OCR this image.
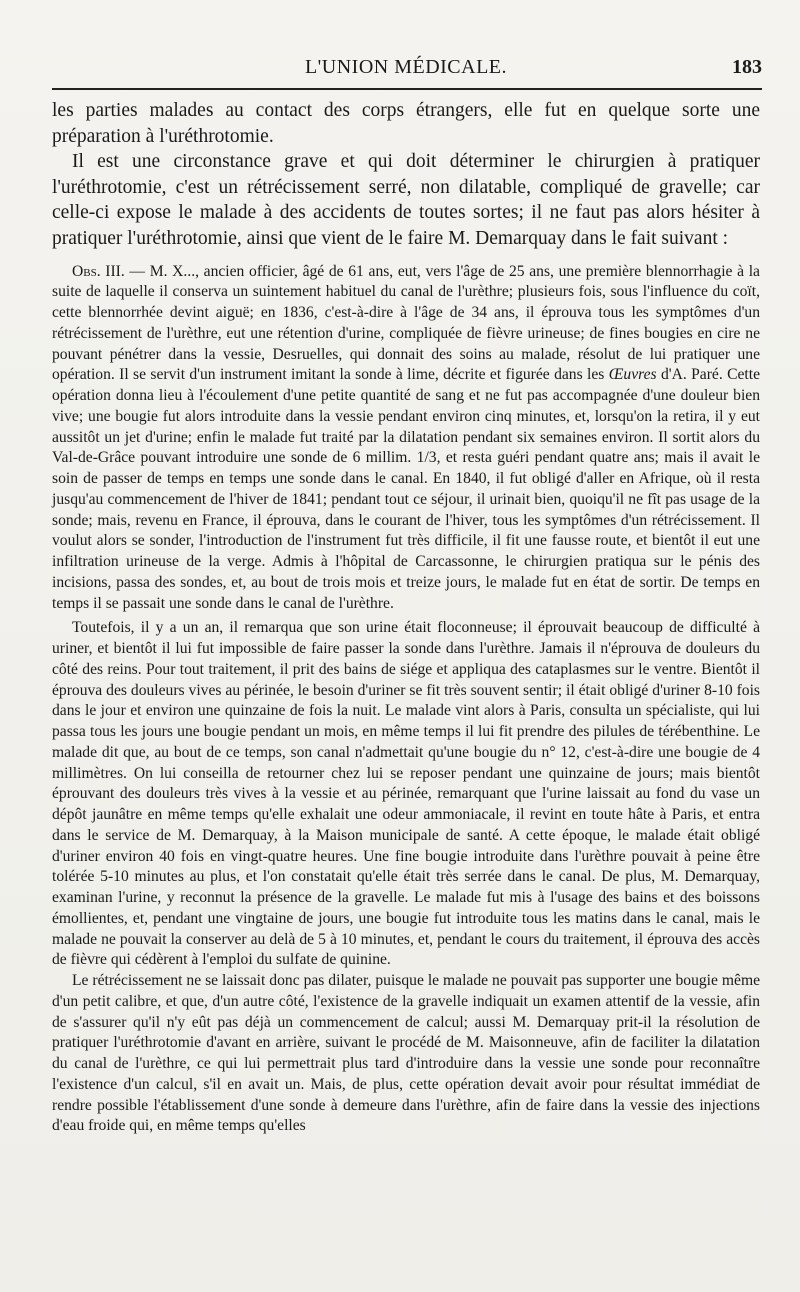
L'UNION MÉDICALE.	183

les parties malades au contact des corps étrangers, elle fut en quelque sorte une préparation à l'uréthrotomie.

Il est une circonstance grave et qui doit déterminer le chirurgien à pratiquer l'uréthrotomie, c'est un rétrécissement serré, non dilatable, compliqué de gravelle; car celle-ci expose le malade à des accidents de toutes sortes; il ne faut pas alors hésiter à pratiquer l'uréthrotomie, ainsi que vient de le faire M. Demarquay dans le fait suivant :

Obs. III. — M. X..., ancien officier, âgé de 61 ans, eut, vers l'âge de 25 ans, une première blennorrhagie à la suite de laquelle il conserva un suintement habituel du canal de l'urèthre; plusieurs fois, sous l'influence du coït, cette blennorrhée devint aiguë; en 1836, c'est-à-dire à l'âge de 34 ans, il éprouva tous les symptômes d'un rétrécissement de l'urèthre, eut une rétention d'urine, compliquée de fièvre urineuse; de fines bougies en cire ne pouvant pénétrer dans la vessie, Desruelles, qui donnait des soins au malade, résolut de lui pratiquer une opération. Il se servit d'un instrument imitant la sonde à lime, décrite et figurée dans les Œuvres d'A. Paré. Cette opération donna lieu à l'écoulement d'une petite quantité de sang et ne fut pas accompagnée d'une douleur bien vive; une bougie fut alors introduite dans la vessie pendant environ cinq minutes, et, lorsqu'on la retira, il y eut aussitôt un jet d'urine; enfin le malade fut traité par la dilatation pendant six semaines environ. Il sortit alors du Val-de-Grâce pouvant introduire une sonde de 6 millim. 1/3, et resta guéri pendant quatre ans; mais il avait le soin de passer de temps en temps une sonde dans le canal. En 1840, il fut obligé d'aller en Afrique, où il resta jusqu'au commencement de l'hiver de 1841; pendant tout ce séjour, il urinait bien, quoiqu'il ne fît pas usage de la sonde; mais, revenu en France, il éprouva, dans le courant de l'hiver, tous les symptômes d'un rétrécissement. Il voulut alors se sonder, l'introduction de l'instrument fut très difficile, il fit une fausse route, et bientôt il eut une infiltration urineuse de la verge. Admis à l'hôpital de Carcassonne, le chirurgien pratiqua sur le pénis des incisions, passa des sondes, et, au bout de trois mois et treize jours, le malade fut en état de sortir. De temps en temps il se passait une sonde dans le canal de l'urèthre.

Toutefois, il y a un an, il remarqua que son urine était floconneuse; il éprouvait beaucoup de difficulté à uriner, et bientôt il lui fut impossible de faire passer la sonde dans l'urèthre. Jamais il n'éprouva de douleurs du côté des reins. Pour tout traitement, il prit des bains de siége et appliqua des cataplasmes sur le ventre. Bientôt il éprouva des douleurs vives au périnée, le besoin d'uriner se fit très souvent sentir; il était obligé d'uriner 8-10 fois dans le jour et environ une quinzaine de fois la nuit. Le malade vint alors à Paris, consulta un spécialiste, qui lui passa tous les jours une bougie pendant un mois, en même temps il lui fit prendre des pilules de térébenthine. Le malade dit que, au bout de ce temps, son canal n'admettait qu'une bougie du n° 12, c'est-à-dire une bougie de 4 millimètres. On lui conseilla de retourner chez lui se reposer pendant une quinzaine de jours; mais bientôt éprouvant des douleurs très vives à la vessie et au périnée, remarquant que l'urine laissait au fond du vase un dépôt jaunâtre en même temps qu'elle exhalait une odeur ammoniacale, il revint en toute hâte à Paris, et entra dans le service de M. Demarquay, à la Maison municipale de santé. A cette époque, le malade était obligé d'uriner environ 40 fois en vingt-quatre heures. Une fine bougie introduite dans l'urèthre pouvait à peine être tolérée 5-10 minutes au plus, et l'on constatait qu'elle était très serrée dans le canal. De plus, M. Demarquay, examinan l'urine, y reconnut la présence de la gravelle. Le malade fut mis à l'usage des bains et des boissons émollientes, et, pendant une vingtaine de jours, une bougie fut introduite tous les matins dans le canal, mais le malade ne pouvait la conserver au delà de 5 à 10 minutes, et, pendant le cours du traitement, il éprouva des accès de fièvre qui cédèrent à l'emploi du sulfate de quinine.

Le rétrécissement ne se laissait donc pas dilater, puisque le malade ne pouvait pas supporter une bougie même d'un petit calibre, et que, d'un autre côté, l'existence de la gravelle indiquait un examen attentif de la vessie, afin de s'assurer qu'il n'y eût pas déjà un commencement de calcul; aussi M. Demarquay prit-il la résolution de pratiquer l'uréthrotomie d'avant en arrière, suivant le procédé de M. Maisonneuve, afin de faciliter la dilatation du canal de l'urèthre, ce qui lui permettrait plus tard d'introduire dans la vessie une sonde pour reconnaître l'existence d'un calcul, s'il en avait un. Mais, de plus, cette opération devait avoir pour résultat immédiat de rendre possible l'établissement d'une sonde à demeure dans l'urèthre, afin de faire dans la vessie des injections d'eau froide qui, en même temps qu'elles
